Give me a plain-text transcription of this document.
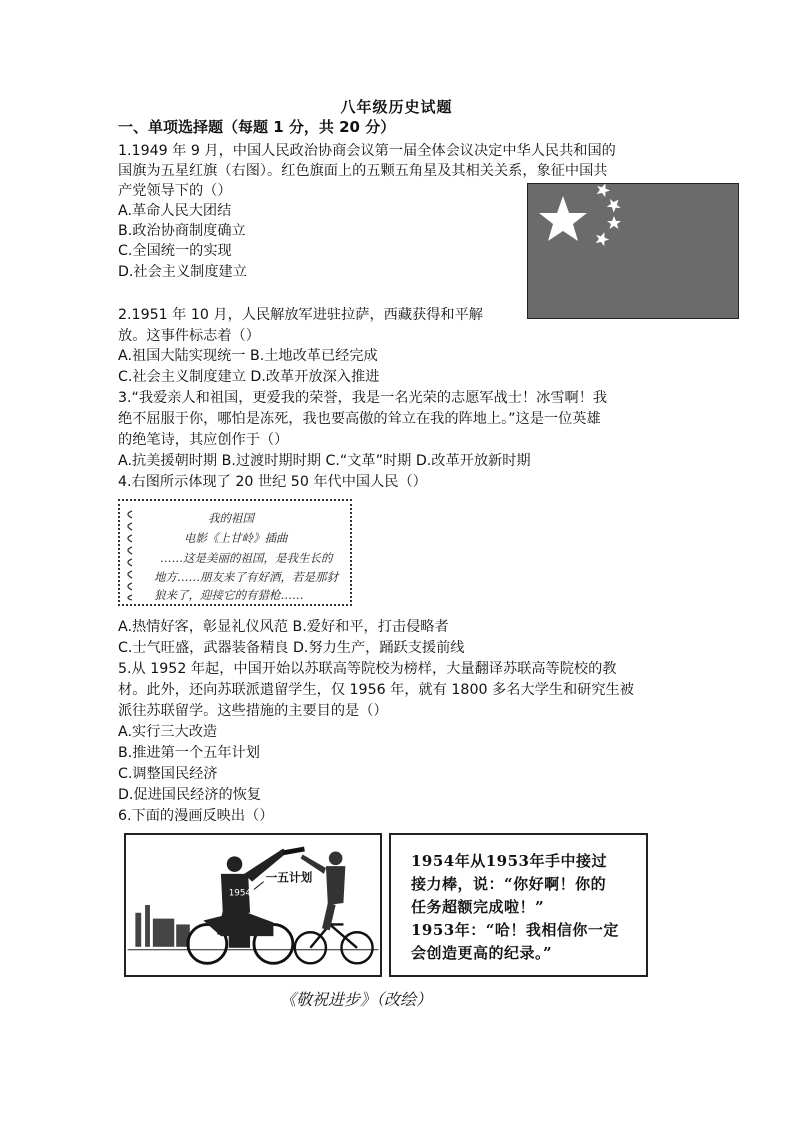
八年级历史试题
一、单项选择题（每题 1 分，共 20 分）
1.1949 年 9 月，中国人民政治协商会议第一届全体会议决定中华人民共和国的
国旗为五星红旗（右图）。红色旗面上的五颗五角星及其相关关系，象征中国共
产党领导下的（）
A.革命人民大团结
B.政治协商制度确立
C.全国统一的实现
D.社会主义制度建立
2.1951 年 10 月，人民解放军进驻拉萨，西藏获得和平解
放。这事件标志着（）
A.祖国大陆实现统一 B.土地改革已经完成
C.社会主义制度建立 D.改革开放深入推进
3.“我爱亲人和祖国，更爱我的荣誉，我是一名光荣的志愿军战士！冰雪啊！我
绝不屈服于你，哪怕是冻死，我也要高傲的耸立在我的阵地上。”这是一位英雄
的绝笔诗，其应创作于（）
A.抗美援朝时期 B.过渡时期时期 C.“文革”时期 D.改革开放新时期
4.右图所示体现了 20 世纪 50 年代中国人民（）
我的祖国
电影《上甘岭》插曲
……这是美丽的祖国，是我生长的
地方……朋友来了有好酒，若是那豺
狼来了，迎接它的有猎枪……
A.热情好客，彰显礼仪风范 B.爱好和平，打击侵略者
C.士气旺盛，武器装备精良 D.努力生产，踊跃支援前线
5.从 1952 年起，中国开始以苏联高等院校为榜样，大量翻译苏联高等院校的教
材。此外，还向苏联派遣留学生，仅 1956 年，就有 1800 多名大学生和研究生被
派往苏联留学。这些措施的主要目的是（）
A.实行三大改造
B.推进第一个五年计划
C.调整国民经济
D.促进国民经济的恢复
6.下面的漫画反映出（）
1954
一五计划
1954年从1953年手中接过
接力棒，说：“你好啊！你的
任务超额完成啦！”
1953年：“哈！我相信你一定
会创造更高的纪录。”
《敬祝进步》（改绘）
